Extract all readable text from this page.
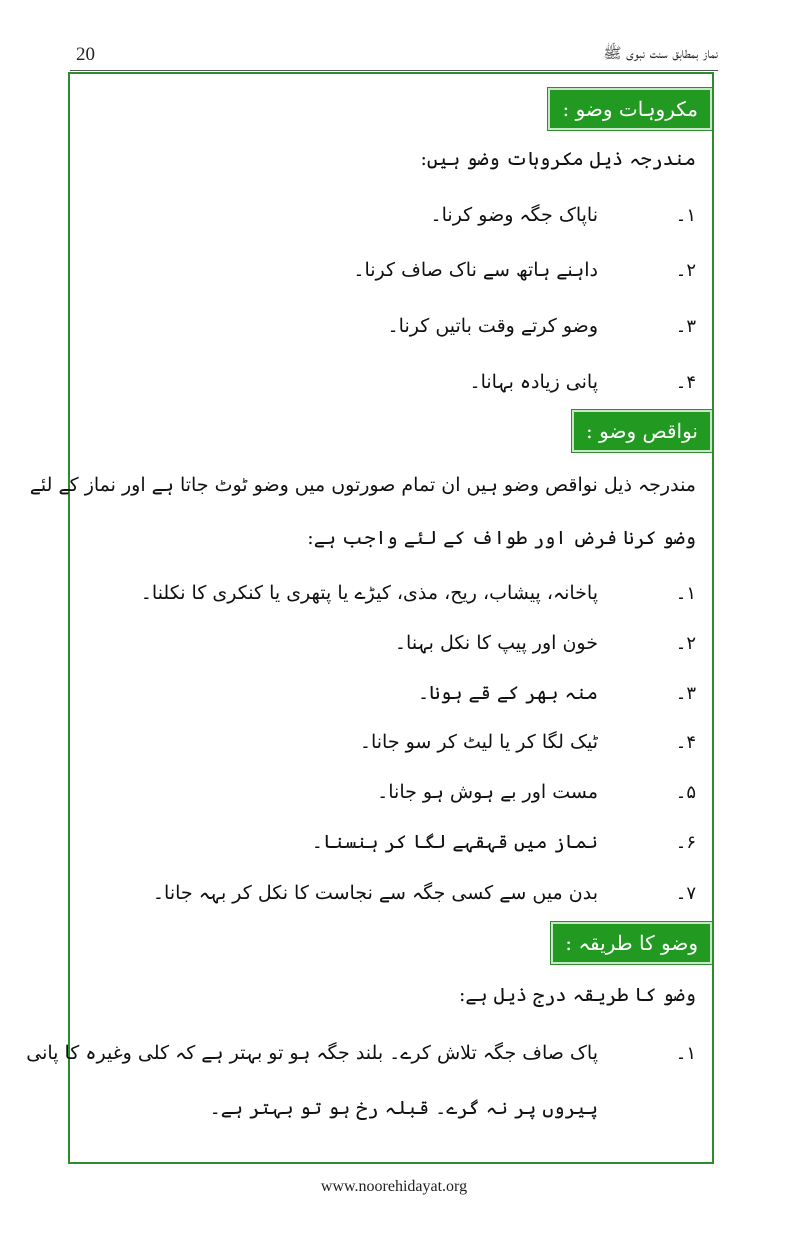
20	نماز بمطابق سنت نبوی ﷺ
مکروہات وضو :
مندرجہ ذیل مکروہات وضو ہیں:
۱۔
ناپاک جگہ وضو کرنا۔
۲۔
داہنے ہاتھ سے ناک صاف کرنا۔
۳۔
وضو کرتے وقت باتیں کرنا۔
۴۔
پانی زیادہ بہانا۔
نواقص وضو :
مندرجہ ذیل نواقص وضو ہیں ان تمام صورتوں میں وضو ٹوٹ جاتا ہے اور نماز کے لئے
وضو کرنا فرض اور طواف کے لئے واجب ہے:
۱۔
پاخانہ، پیشاب، ریح، مذی، کیڑے یا پتھری یا کنکری کا نکلنا۔
۲۔
خون اور پیپ کا نکل بہنا۔
۳۔
منہ بھر کے قے ہونا۔
۴۔
ٹیک لگا کر یا لیٹ کر سو جانا۔
۵۔
مست اور بے ہوش ہو جانا۔
۶۔
نماز میں قہقہے لگا کر ہنسنا۔
۷۔
بدن میں سے کسی جگہ سے نجاست کا نکل کر بہہ جانا۔
وضو کا طریقہ :
وضو کا طریقہ درج ذیل ہے:
۱۔
پاک صاف جگہ تلاش کرے۔ بلند جگہ ہو تو بہتر ہے کہ کلی وغیرہ کا پانی
پیروں پر نہ گرے۔ قبلہ رخ ہو تو بہتر ہے۔
www.noorehidayat.org
